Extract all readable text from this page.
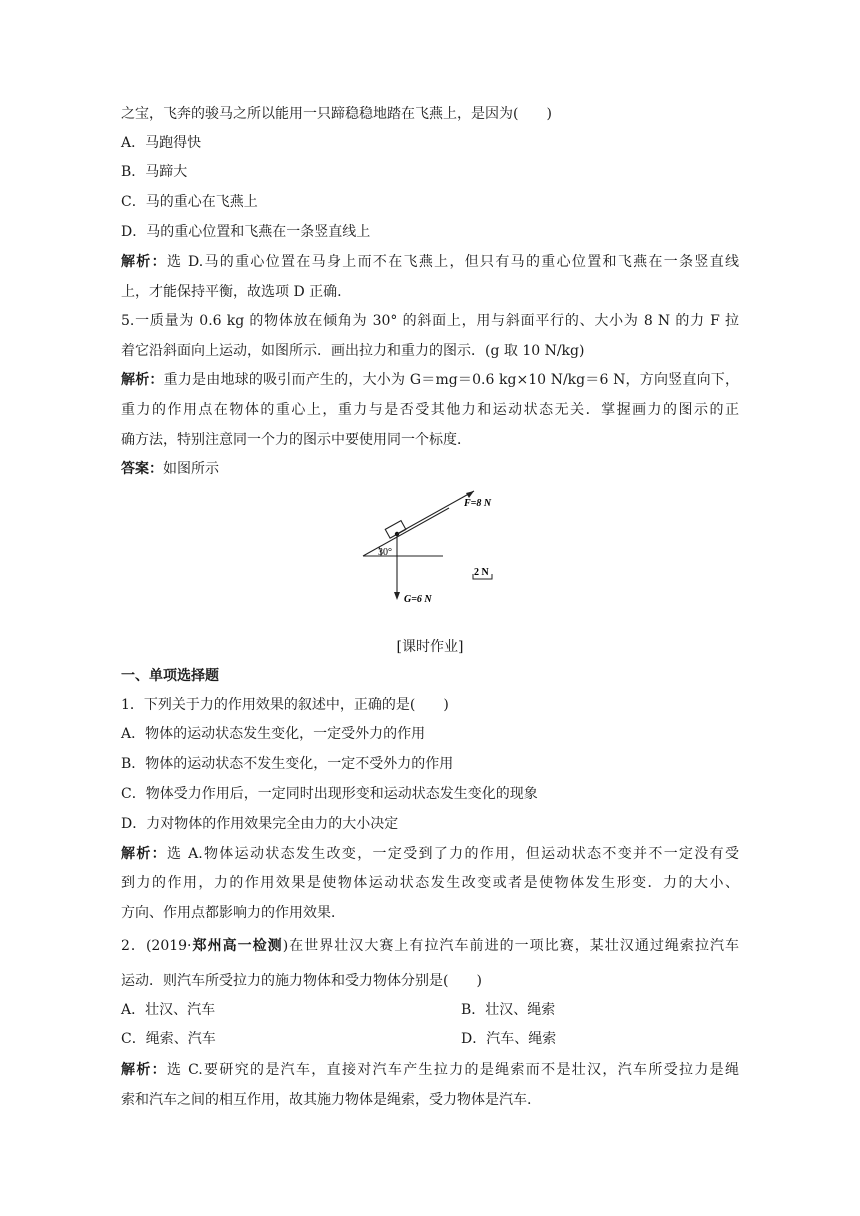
之宝，飞奔的骏马之所以能用一只蹄稳稳地踏在飞燕上，是因为(　　)
A．马跑得快
B．马蹄大
C．马的重心在飞燕上
D．马的重心位置和飞燕在一条竖直线上
解析：选 D.马的重心位置在马身上而不在飞燕上，但只有马的重心位置和飞燕在一条竖直线
上，才能保持平衡，故选项 D 正确.
5.一质量为 0.6 kg 的物体放在倾角为 30° 的斜面上，用与斜面平行的、大小为 8 N 的力 F 拉
着它沿斜面向上运动，如图所示．画出拉力和重力的图示．(g 取 10 N/kg)
解析：重力是由地球的吸引而产生的，大小为 G＝mg＝0.6 kg×10 N/kg＝6 N，方向竖直向下，
重力的作用点在物体的重心上，重力与是否受其他力和运动状态无关．掌握画力的图示的正
确方法，特别注意同一个力的图示中要使用同一个标度．
答案：如图所示
30°
F=8 N
G=6 N
2 N
[课时作业]
一、单项选择题
1．下列关于力的作用效果的叙述中，正确的是(　　)
A．物体的运动状态发生变化，一定受外力的作用
B．物体的运动状态不发生变化，一定不受外力的作用
C．物体受力作用后，一定同时出现形变和运动状态发生变化的现象
D．力对物体的作用效果完全由力的大小决定
解析：选 A.物体运动状态发生改变，一定受到了力的作用，但运动状态不变并不一定没有受
到力的作用，力的作用效果是使物体运动状态发生改变或者是使物体发生形变．力的大小、
方向、作用点都影响力的作用效果．
2．(2019·郑州高一检测)在世界壮汉大赛上有拉汽车前进的一项比赛，某壮汉通过绳索拉汽车
运动．则汽车所受拉力的施力物体和受力物体分别是(　　)
A．壮汉、汽车	B．壮汉、绳索
C．绳索、汽车	D．汽车、绳索
解析：选 C.要研究的是汽车，直接对汽车产生拉力的是绳索而不是壮汉，汽车所受拉力是绳
索和汽车之间的相互作用，故其施力物体是绳索，受力物体是汽车.
